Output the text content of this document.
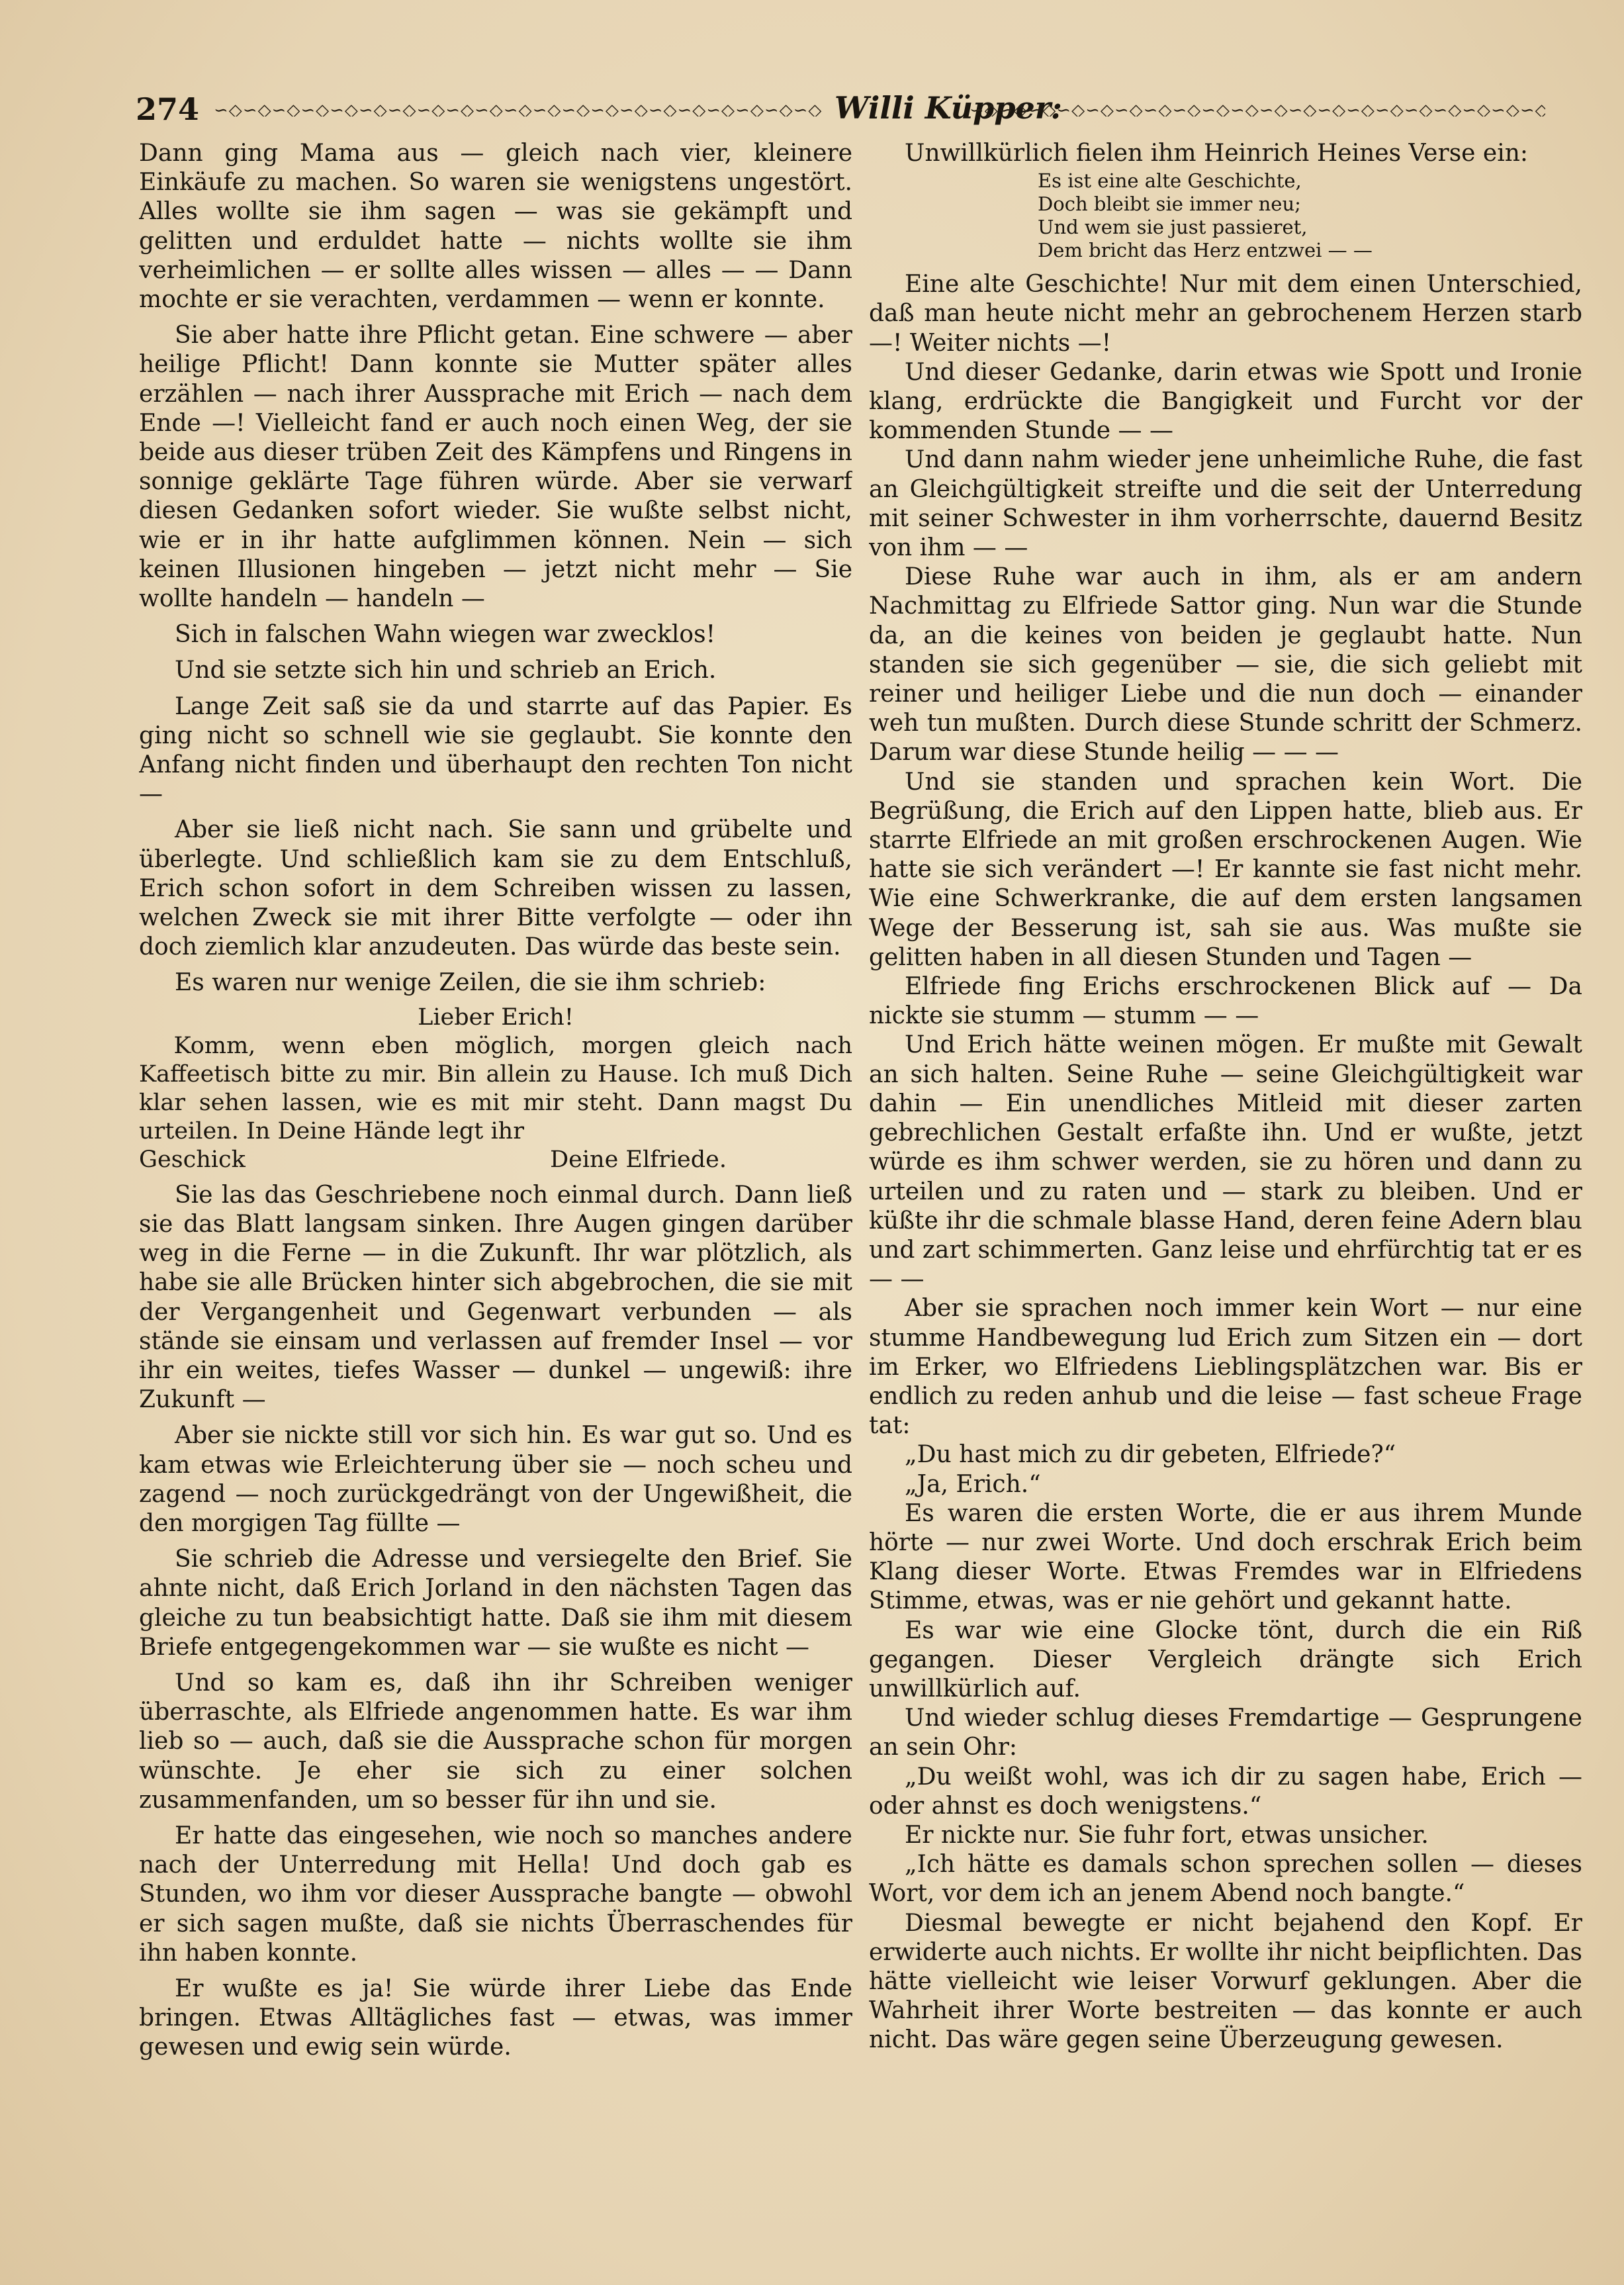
274
∽◇∽◇∽◇∽◇∽◇∽◇∽◇∽◇∽◇∽◇∽◇∽◇∽◇∽◇∽◇∽◇∽◇∽◇∽◇∽◇∽◇∽◇∽◇∽◇∽◇∽◇∽◇∽◇∽◇∽◇∽◇∽◇∽◇∽◇∽◇∽◇∽◇	Willi Küpper:
∽◇∽◇∽◇∽◇∽◇∽◇∽◇∽◇∽◇∽◇∽◇∽◇∽◇∽◇∽◇∽◇∽◇∽◇∽◇∽◇∽◇∽◇∽◇∽◇∽◇∽◇∽◇∽◇∽◇∽◇∽◇∽◇∽◇∽◇∽◇∽◇∽◇

Dann ging Mama aus — gleich nach vier, kleinere Einkäufe zu machen. So waren sie wenigstens ungestört. Alles wollte sie ihm sagen — was sie gekämpft und gelitten und erduldet hatte — nichts wollte sie ihm verheimlichen — er sollte alles wissen — alles — — Dann mochte er sie verachten, verdammen — wenn er konnte.

Sie aber hatte ihre Pflicht getan. Eine schwere — aber heilige Pflicht! Dann konnte sie Mutter später alles erzählen — nach ihrer Aussprache mit Erich — nach dem Ende —! Vielleicht fand er auch noch einen Weg, der sie beide aus dieser trüben Zeit des Kämpfens und Ringens in sonnige geklärte Tage führen würde. Aber sie verwarf diesen Gedanken sofort wieder. Sie wußte selbst nicht, wie er in ihr hatte aufglimmen können. Nein — sich keinen Illusionen hingeben — jetzt nicht mehr — Sie wollte handeln — handeln —

Sich in falschen Wahn wiegen war zwecklos!

Und sie setzte sich hin und schrieb an Erich.

Lange Zeit saß sie da und starrte auf das Papier. Es ging nicht so schnell wie sie geglaubt. Sie konnte den Anfang nicht finden und überhaupt den rechten Ton nicht —

Aber sie ließ nicht nach. Sie sann und grübelte und überlegte. Und schließlich kam sie zu dem Entschluß, Erich schon sofort in dem Schreiben wissen zu lassen, welchen Zweck sie mit ihrer Bitte verfolgte — oder ihn doch ziemlich klar anzudeuten. Das würde das beste sein.

Es waren nur wenige Zeilen, die sie ihm schrieb:

Lieber Erich!

Komm, wenn eben möglich, morgen gleich nach Kaffeetisch bitte zu mir. Bin allein zu Hause. Ich muß Dich klar sehen lassen, wie es mit mir steht. Dann magst Du urteilen. In Deine Hände legt ihr

Geschick	Deine Elfriede.

Sie las das Geschriebene noch einmal durch. Dann ließ sie das Blatt langsam sinken. Ihre Augen gingen darüber weg in die Ferne — in die Zukunft. Ihr war plötzlich, als habe sie alle Brücken hinter sich abgebrochen, die sie mit der Vergangenheit und Gegenwart verbunden — als stände sie einsam und verlassen auf fremder Insel — vor ihr ein weites, tiefes Wasser — dunkel — ungewiß: ihre Zukunft —

Aber sie nickte still vor sich hin. Es war gut so. Und es kam etwas wie Erleichterung über sie — noch scheu und zagend — noch zurückgedrängt von der Ungewißheit, die den morgigen Tag füllte —

Sie schrieb die Adresse und versiegelte den Brief. Sie ahnte nicht, daß Erich Jorland in den nächsten Tagen das gleiche zu tun beabsichtigt hatte. Daß sie ihm mit diesem Briefe entgegengekommen war — sie wußte es nicht —

Und so kam es, daß ihn ihr Schreiben weniger überraschte, als Elfriede angenommen hatte. Es war ihm lieb so — auch, daß sie die Aussprache schon für morgen wünschte. Je eher sie sich zu einer solchen zusammenfanden, um so besser für ihn und sie.

Er hatte das eingesehen, wie noch so manches andere nach der Unterredung mit Hella! Und doch gab es Stunden, wo ihm vor dieser Aussprache bangte — obwohl er sich sagen mußte, daß sie nichts Überraschendes für ihn haben konnte.

Er wußte es ja! Sie würde ihrer Liebe das Ende bringen. Etwas Alltägliches fast — etwas, was immer gewesen und ewig sein würde.

Unwillkürlich fielen ihm Heinrich Heines Verse ein:

Es ist eine alte Geschichte,
Doch bleibt sie immer neu;
Und wem sie just passieret,
Dem bricht das Herz entzwei — —

Eine alte Geschichte! Nur mit dem einen Unterschied, daß man heute nicht mehr an gebrochenem Herzen starb —! Weiter nichts —!

Und dieser Gedanke, darin etwas wie Spott und Ironie klang, erdrückte die Bangigkeit und Furcht vor der kommenden Stunde — —

Und dann nahm wieder jene unheimliche Ruhe, die fast an Gleichgültigkeit streifte und die seit der Unterredung mit seiner Schwester in ihm vorherrschte, dauernd Besitz von ihm — —

Diese Ruhe war auch in ihm, als er am andern Nachmittag zu Elfriede Sattor ging. Nun war die Stunde da, an die keines von beiden je geglaubt hatte. Nun standen sie sich gegenüber — sie, die sich geliebt mit reiner und heiliger Liebe und die nun doch — einander weh tun mußten. Durch diese Stunde schritt der Schmerz. Darum war diese Stunde heilig — — —

Und sie standen und sprachen kein Wort. Die Begrüßung, die Erich auf den Lippen hatte, blieb aus. Er starrte Elfriede an mit großen erschrockenen Augen. Wie hatte sie sich verändert —! Er kannte sie fast nicht mehr. Wie eine Schwerkranke, die auf dem ersten langsamen Wege der Besserung ist, sah sie aus. Was mußte sie gelitten haben in all diesen Stunden und Tagen —

Elfriede fing Erichs erschrockenen Blick auf — Da nickte sie stumm — stumm — —

Und Erich hätte weinen mögen. Er mußte mit Gewalt an sich halten. Seine Ruhe — seine Gleichgültigkeit war dahin — Ein unendliches Mitleid mit dieser zarten gebrechlichen Gestalt erfaßte ihn. Und er wußte, jetzt würde es ihm schwer werden, sie zu hören und dann zu urteilen und zu raten und — stark zu bleiben. Und er küßte ihr die schmale blasse Hand, deren feine Adern blau und zart schimmerten. Ganz leise und ehrfürchtig tat er es — —

Aber sie sprachen noch immer kein Wort — nur eine stumme Handbewegung lud Erich zum Sitzen ein — dort im Erker, wo Elfriedens Lieblingsplätzchen war. Bis er endlich zu reden anhub und die leise — fast scheue Frage tat:

„Du hast mich zu dir gebeten, Elfriede?“

„Ja, Erich.“

Es waren die ersten Worte, die er aus ihrem Munde hörte — nur zwei Worte. Und doch erschrak Erich beim Klang dieser Worte. Etwas Fremdes war in Elfriedens Stimme, etwas, was er nie gehört und gekannt hatte.

Es war wie eine Glocke tönt, durch die ein Riß gegangen. Dieser Vergleich drängte sich Erich unwillkürlich auf.

Und wieder schlug dieses Fremdartige — Gesprungene an sein Ohr:

„Du weißt wohl, was ich dir zu sagen habe, Erich — oder ahnst es doch wenigstens.“

Er nickte nur. Sie fuhr fort, etwas unsicher.

„Ich hätte es damals schon sprechen sollen — dieses Wort, vor dem ich an jenem Abend noch bangte.“

Diesmal bewegte er nicht bejahend den Kopf. Er erwiderte auch nichts. Er wollte ihr nicht beipflichten. Das hätte vielleicht wie leiser Vorwurf geklungen. Aber die Wahrheit ihrer Worte bestreiten — das konnte er auch nicht. Das wäre gegen seine Überzeugung gewesen.
